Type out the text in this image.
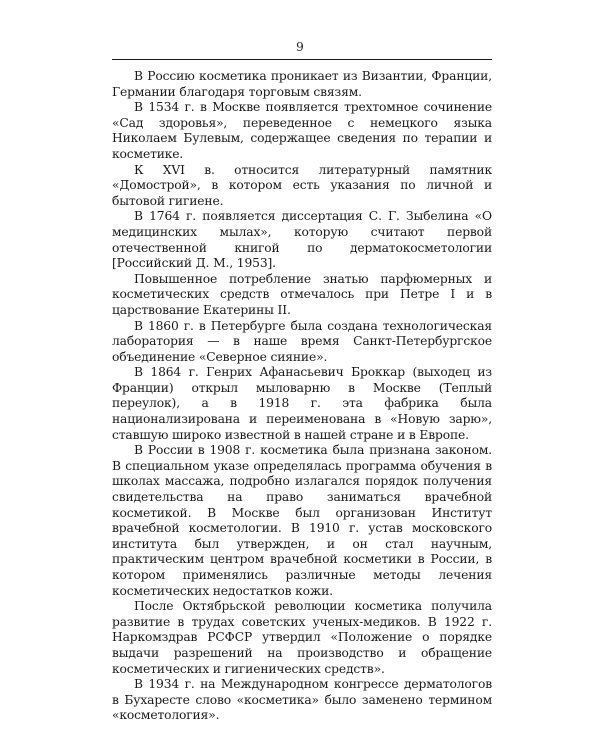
9

В Россию косметика проникает из Византии, Франции, Германии благодаря торговым связям.

В 1534 г. в Москве появляется трехтомное сочинение «Сад здоровья», переведенное с немецкого языка Николаем Булевым, содержащее сведения по терапии и косметике.

К XVI в. относится литературный памятник «Домострой», в котором есть указания по личной и бытовой гигиене.

В 1764 г. появляется диссертация С. Г. Зыбелина «О медицинских мылах», которую считают первой отечественной книгой по дерматокосметологии [Российский Д. М., 1953].

Повышенное потребление знатью парфюмерных и косметических средств отмечалось при Петре I и в царствование Екатерины II.

В 1860 г. в Петербурге была создана технологическая лаборатория — в наше время Санкт-Петербургское объединение «Северное сияние».

В 1864 г. Генрих Афанасьевич Броккар (выходец из Франции) открыл мыловарню в Москве (Теплый переулок), а в 1918 г. эта фабрика была национализирована и переименована в «Новую зарю», ставшую широко известной в нашей стране и в Европе.

В России в 1908 г. косметика была признана законом. В специальном указе определялась программа обучения в школах массажа, подробно излагался порядок получения свидетельства на право заниматься врачебной косметикой. В Москве был организован Институт врачебной косметологии. В 1910 г. устав московского института был утвержден, и он стал научным, практическим центром врачебной косметики в России, в котором применялись различные методы лечения косметических недостатков кожи.

После Октябрьской революции косметика получила развитие в трудах советских ученых-медиков. В 1922 г. Наркомздрав РСФСР утвердил «Положение о порядке выдачи разрешений на производство и обращение косметических и гигиенических средств».

В 1934 г. на Международном конгрессе дерматологов в Бухаресте слово «косметика» было заменено термином «косметология».
